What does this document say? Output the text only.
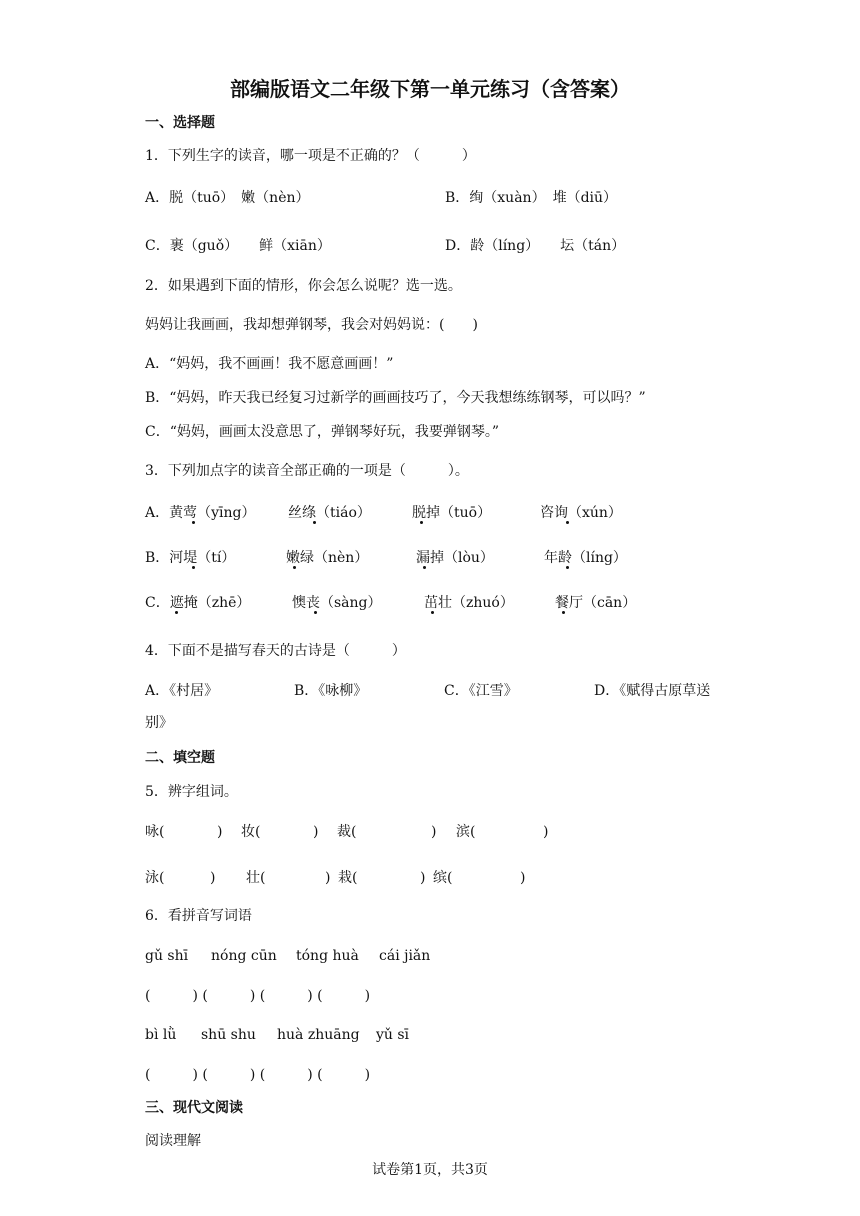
部编版语文二年级下第一单元练习（含答案）
一、选择题
1．下列生字的读音，哪一项是不正确的？（　　　）
A．脱（tuō）　嫩（nèn）	B．绚（xuàn）　堆（diū）
C．裹（guǒ）　　鲜（xiān）	D．龄（líng）　　坛（tán）
2．如果遇到下面的情形，你会怎么说呢？选一选。
妈妈让我画画，我却想弹钢琴，我会对妈妈说：(　　)
A．“妈妈，我不画画！我不愿意画画！”
B．“妈妈，昨天我已经复习过新学的画画技巧了，今天我想练练钢琴，可以吗？”
C．“妈妈，画画太没意思了，弹钢琴好玩，我要弹钢琴。”
3．下列加点字的读音全部正确的一项是（　　　）。
A．黄莺（yīng） 丝绦（tiáo）	脱掉（tuō）	咨询（xún）
B．河堤（tí）	嫩绿（nèn）	漏掉（lòu）	年龄（líng）
C．遮掩（zhē）	懊丧（sàng）	茁壮（zhuó）	餐厅（cān）
4．下面不是描写春天的古诗是（　　　）
A．《村居》	B．《咏柳》	C．《江雪》	D．《赋得古原草送
别》
二、填空题
5．辨字组词。
咏(	) 妆(	) 裁(	) 滨(	)
泳(	) 壮(	) 栽(	) 缤(	)
6．看拼音写词语
gǔ shī nóng cūn tóng huà cái jiǎn
(　　　) (　　　) (　　　) (　　　)
bì lǜ shū shu huà zhuāng yǔ sī
(　　　) (　　　) (　　　) (　　　)
三、现代文阅读
阅读理解
试卷第1页，共3页
